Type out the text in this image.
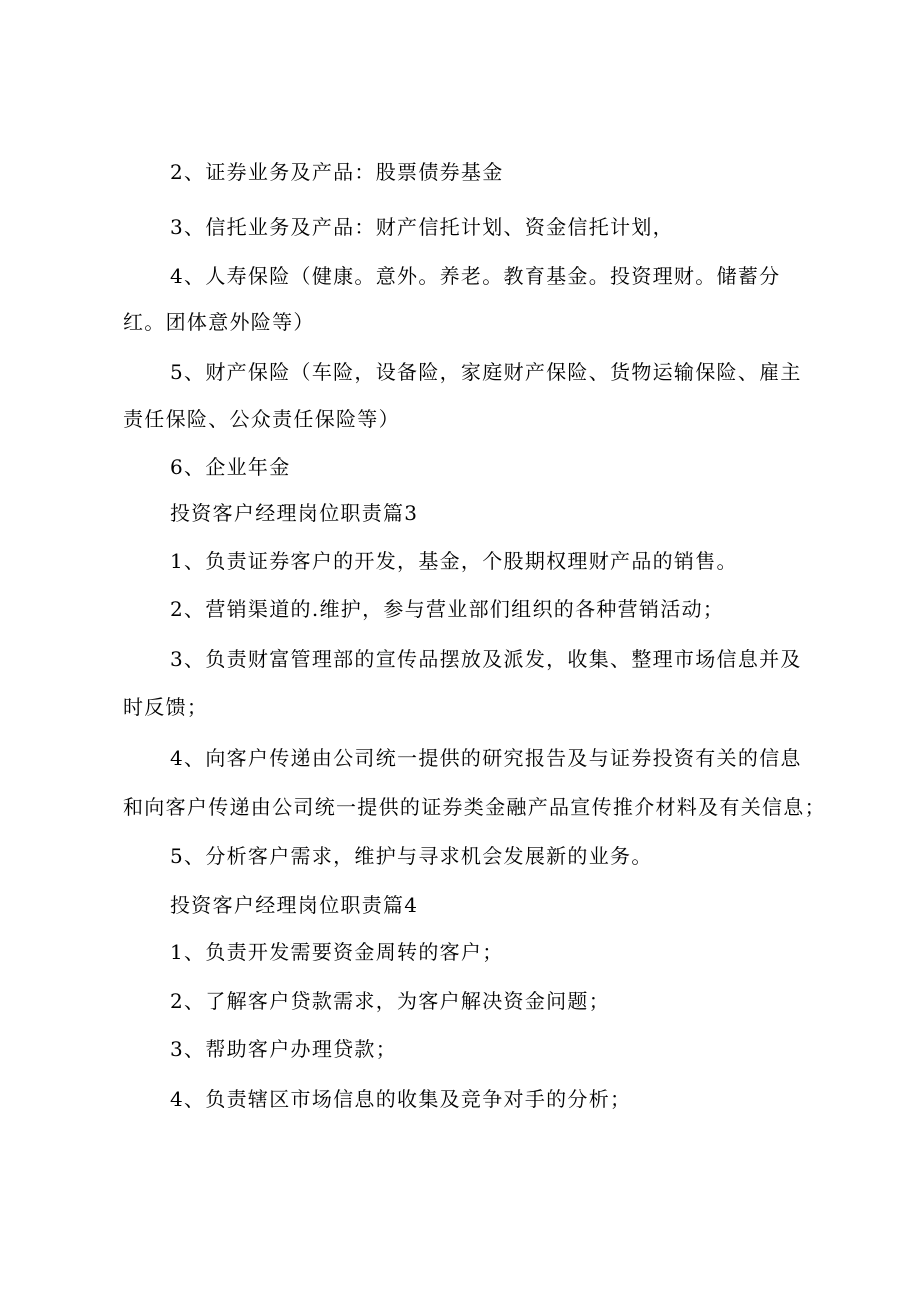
2、证券业务及产品：股票债券基金
3、信托业务及产品：财产信托计划、资金信托计划，
4、人寿保险（健康。意外。养老。教育基金。投资理财。储蓄分
红。团体意外险等）
5、财产保险（车险，设备险，家庭财产保险、货物运输保险、雇主
责任保险、公众责任保险等）
6、企业年金
投资客户经理岗位职责篇3
1、负责证券客户的开发，基金，个股期权理财产品的销售。
2、营销渠道的.维护，参与营业部们组织的各种营销活动；
3、负责财富管理部的宣传品摆放及派发，收集、整理市场信息并及
时反馈；
4、向客户传递由公司统一提供的研究报告及与证券投资有关的信息
和向客户传递由公司统一提供的证券类金融产品宣传推介材料及有关信息；
5、分析客户需求，维护与寻求机会发展新的业务。
投资客户经理岗位职责篇4
1、负责开发需要资金周转的客户；
2、了解客户贷款需求，为客户解决资金问题；
3、帮助客户办理贷款；
4、负责辖区市场信息的收集及竞争对手的分析；
